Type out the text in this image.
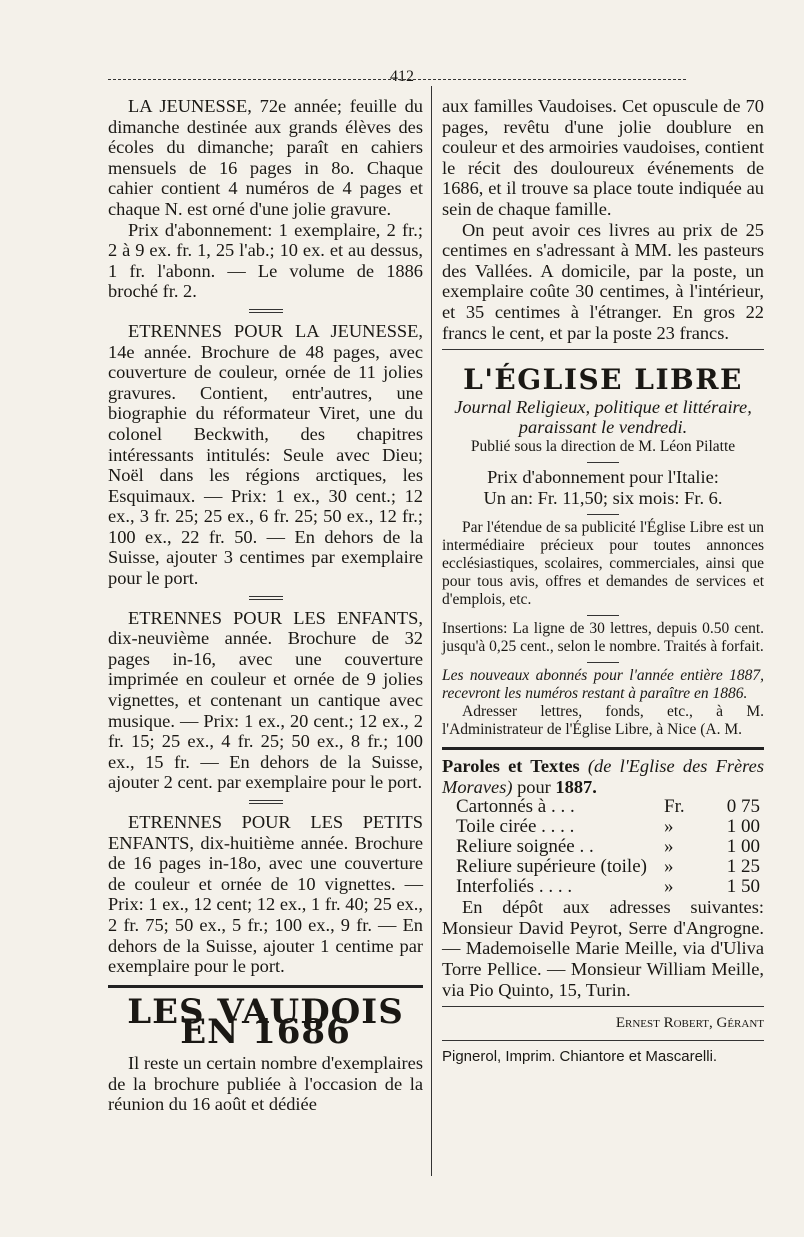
412

LA JEUNESSE, 72e année; feuille du dimanche destinée aux grands élèves des écoles du dimanche; paraît en cahiers mensuels de 16 pages in 8o. Chaque cahier contient 4 numéros de 4 pages et chaque N. est orné d'une jolie gravure.

Prix d'abonnement: 1 exemplaire, 2 fr.; 2 à 9 ex. fr. 1, 25 l'ab.; 10 ex. et au dessus, 1 fr. l'abonn. — Le volume de 1886 broché fr. 2.

ETRENNES POUR LA JEUNESSE, 14e année. Brochure de 48 pages, avec couverture de couleur, ornée de 11 jolies gravures. Contient, entr'autres, une biographie du réformateur Viret, une du colonel Beckwith, des chapitres intéressants intitulés: Seule avec Dieu; Noël dans les régions arctiques, les Esquimaux. — Prix: 1 ex., 30 cent.; 12 ex., 3 fr. 25; 25 ex., 6 fr. 25; 50 ex., 12 fr.; 100 ex., 22 fr. 50. — En dehors de la Suisse, ajouter 3 centimes par exemplaire pour le port.

ETRENNES POUR LES ENFANTS, dix-neuvième année. Brochure de 32 pages in-16, avec une couverture imprimée en couleur et ornée de 9 jolies vignettes, et contenant un cantique avec musique. — Prix: 1 ex., 20 cent.; 12 ex., 2 fr. 15; 25 ex., 4 fr. 25; 50 ex., 8 fr.; 100 ex., 15 fr. — En dehors de la Suisse, ajouter 2 cent. par exemplaire pour le port.

ETRENNES POUR LES PETITS ENFANTS, dix-huitième année. Brochure de 16 pages in-18o, avec une couverture de couleur et ornée de 10 vignettes. — Prix: 1 ex., 12 cent; 12 ex., 1 fr. 40; 25 ex., 2 fr. 75; 50 ex., 5 fr.; 100 ex., 9 fr. — En dehors de la Suisse, ajouter 1 centime par exemplaire pour le port.

LES VAUDOIS EN 1686

Il reste un certain nombre d'exemplaires de la brochure publiée à l'occasion de la réunion du 16 août et dédiée

aux familles Vaudoises. Cet opuscule de 70 pages, revêtu d'une jolie doublure en couleur et des armoiries vaudoises, contient le récit des douloureux événements de 1686, et il trouve sa place toute indiquée au sein de chaque famille.

On peut avoir ces livres au prix de 25 centimes en s'adressant à MM. les pasteurs des Vallées. A domicile, par la poste, un exemplaire coûte 30 centimes, à l'intérieur, et 35 centimes à l'étranger. En gros 22 francs le cent, et par la poste 23 francs.

L'ÉGLISE LIBRE
Journal Religieux, politique et littéraire,
paraissant le vendredi.
Publié sous la direction de M. Léon Pilatte
Prix d'abonnement pour l'Italie:
Un an: Fr. 11,50; six mois: Fr. 6.

Par l'étendue de sa publicité l'Église Libre est un intermédiaire précieux pour toutes annonces ecclésiastiques, scolaires, commerciales, ainsi que pour tous avis, offres et demandes de services et d'emplois, etc.

Insertions: La ligne de 30 lettres, depuis 0.50 cent. jusqu'à 0,25 cent., selon le nombre. Traités à forfait.

Les nouveaux abonnés pour l'année entière 1887, recevront les numéros restant à paraître en 1886.

Adresser lettres, fonds, etc., à M. l'Administrateur de l'Église Libre, à Nice (A. M.

Paroles et Textes (de l'Eglise des Frères Moraves) pour 1887.

Cartonnés à . . .	Fr.	0 75
Toile cirée . . . .	»	1 00
Reliure soignée . .	»	1 00
Reliure supérieure (toile)	»	1 25
Interfoliés . . . .	»	1 50

En dépôt aux adresses suivantes: Monsieur David Peyrot, Serre d'Angrogne. — Mademoiselle Marie Meille, via d'Uliva Torre Pellice. — Monsieur William Meille, via Pio Quinto, 15, Turin.

Ernest Robert, Gérant
Pignerol, Imprim. Chiantore et Mascarelli.
